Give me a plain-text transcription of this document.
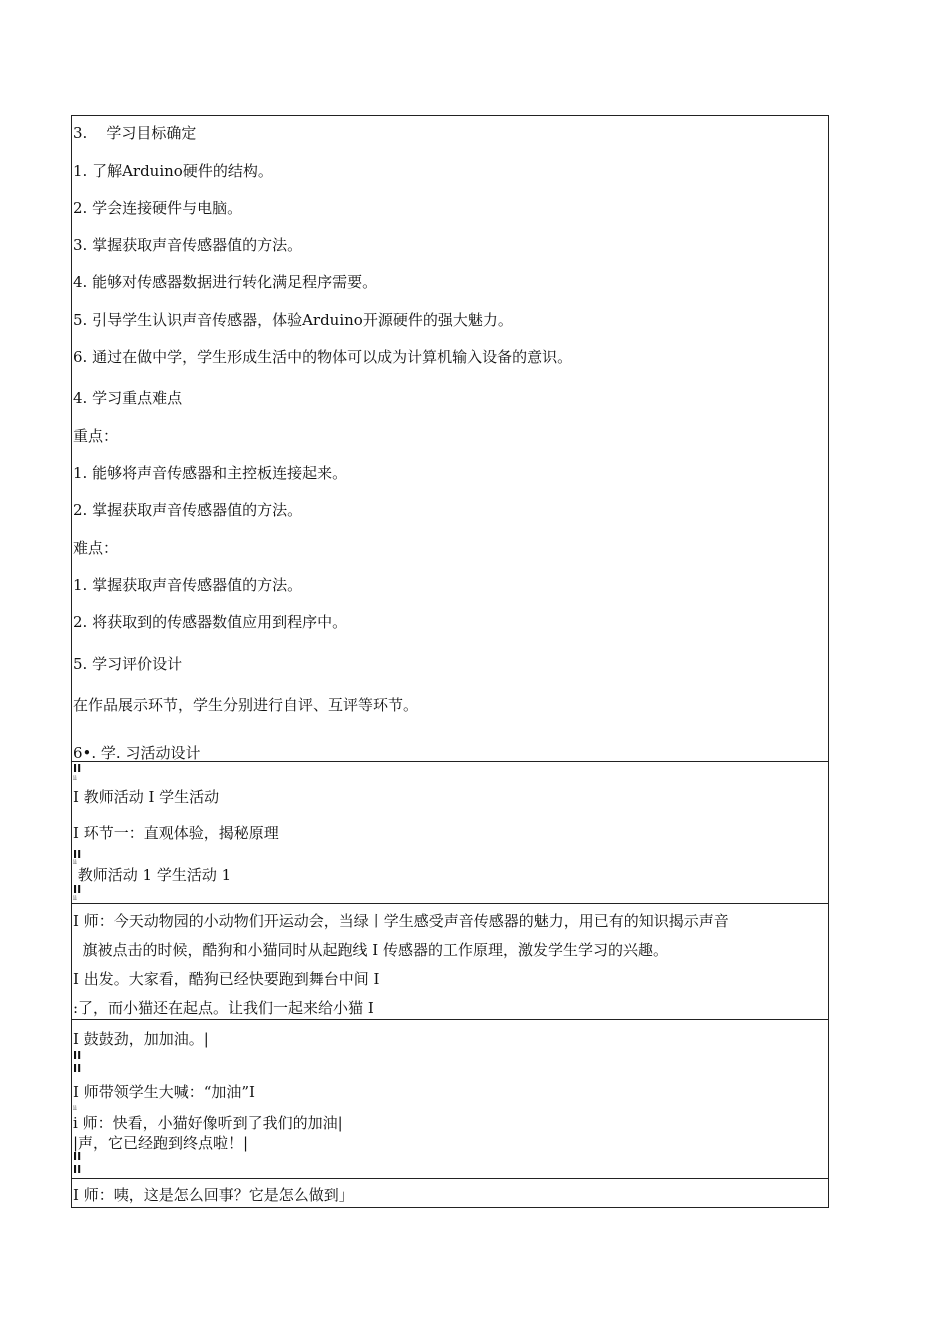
3.    学习目标确定
1. 了解Arduino硬件的结构。
2. 学会连接硬件与电脑。
3. 掌握获取声音传感器值的方法。
4. 能够对传感器数据进行转化满足程序需要。
5. 引导学生认识声音传感器，体验Arduino开源硬件的强大魅力。
6. 通过在做中学，学生形成生活中的物体可以成为计算机输入设备的意识。
4. 学习重点难点
重点：
1. 能够将声音传感器和主控板连接起来。
2. 掌握获取声音传感器值的方法。
难点：
1. 掌握获取声音传感器值的方法。
2. 将获取到的传感器数值应用到程序中。
5. 学习评价设计
在作品展示环节，学生分别进行自评、互评等环节。
6•. 学. 习活动设计
II
ii
I 教师活动 I 学生活动
I 环节一：直观体验，揭秘原理
II
ii
教师活动 1 学生活动 1
II
ii
I 师：今天动物园的小动物们开运动会，当绿丨学生感受声音传感器的魅力，用已有的知识揭示声音
旗被点击的时候，酷狗和小猫同时从起跑线 I 传感器的工作原理，激发学生学习的兴趣。
I 出发。大家看，酷狗已经快要跑到舞台中间 I
:了，而小猫还在起点。让我们一起来给小猫 I
I 鼓鼓劲，加加油。|
II
II
I 师带领学生大喊：“加油”I
ii
i 师：快看，小猫好像听到了我们的加油|
|声，它已经跑到终点啦！|
II
II
I 师：咦，这是怎么回事？它是怎么做到」
